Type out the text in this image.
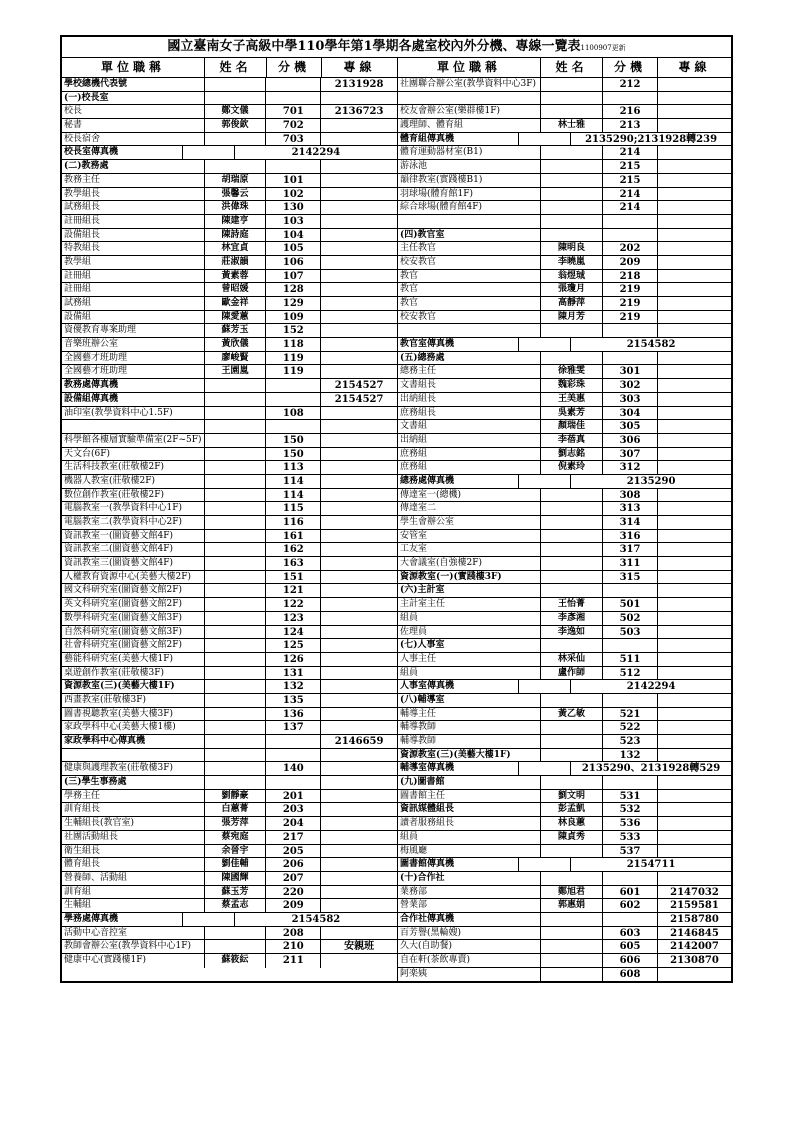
國立臺南女子高級中學110學年第1學期各處室校內外分機、專線一覽表1100907更新
單位職稱	姓名	分機	專線	單位職稱	姓名	分機	專線
學校總機代表號	2131928
(一)校長室
校長	鄭文儀	701	2136723
秘書	郭俊欽	702
校長宿舍	703
校長室傳真機	2142294
(二)教務處
教務主任	胡瑞原	101
教學組長	張馨云	102
試務組長	洪偉珠	130
註冊組長	陳建亨	103
設備組長	陳詩庭	104
特教組長	林宜貞	105
教學組	莊淑韻	106
註冊組	黃素蓉	107
註冊組	曾昭媛	128
試務組	歐金祥	129
設備組	陳愛蕙	109
資優教育專案助理	蘇芳玉	152
音樂班辦公室	黃欣儀	118
全國藝才班助理	廖峻賢	119
全國藝才班助理	王園嵐	119
教務處傳真機	2154527
設備組傳真機	2154527
油印室(教學資料中心1.5F)	108
科學館各樓層實驗準備室(2F~5F)	150
天文台(6F)	150
生活科技教室(莊敬樓2F)	113
機器人教室(莊敬樓2F)	114
數位創作教室(莊敬樓2F)	114
電腦教室一(教學資料中心1F)	115
電腦教室二(教學資料中心2F)	116
資訊教室一(圖資藝文館4F)	161
資訊教室二(圖資藝文館4F)	162
資訊教室三(圖資藝文館4F)	163
人權教育資源中心(美藝大樓2F)	151
國文科研究室(圖資藝文館2F)	121
英文科研究室(圖資藝文館2F)	122
數學科研究室(圖資藝文館3F)	123
自然科研究室(圖資藝文館3F)	124
社會科研究室(圖資藝文館2F)	125
藝能科研究室(美藝大樓1F)	126
桌遊創作教室(莊敬樓3F)	131
資源教室(三)(美藝大樓1F)	132
西畫教室(莊敬樓3F)	135
圖書視聽教室(美藝大樓3F)	136
家政學科中心(美藝大樓1樓)	137
家政學科中心傳真機	2146659
健康與護理教室(莊敬樓3F)	140
(三)學生事務處
學務主任	劉靜豪	201
訓育組長	白蕙菁	203
生輔組長(教官室)	張芳萍	204
社團活動組長	蔡宛庭	217
衛生組長	余晉宇	205
體育組長	劉佳輔	206
營養師、活動組	陳國輝	207
訓育組	蘇玉芳	220
生輔組	蔡孟志	209
學務處傳真機	2154582
活動中心音控室	208
教師會辦公室(教學資料中心1F)	210	安親班
健康中心(實踐樓1F)	蘇筱紜	211
社團聯合辦公室(教學資料中心3F)	212
校友會辦公室(樂群樓1F)	216
護理師、體育組	林士雅	213
體育組傳真機	2135290;2131928轉239
體育運動器材室(B1)	214
游泳池	215
韻律教室(實踐樓B1)	215
羽球場(體育館1F)	214
綜合球場(體育館4F)	214
(四)教官室
主任教官	陳明良	202
校安教官	李曉嵐	209
教官	翁煜珹	218
教官	張瓊月	219
教官	高靜萍	219
校安教官	陳月芳	219
教官室傳真機	2154582
(五)總務處
總務主任	徐雅雯	301
文書組長	魏彩珠	302
出納組長	王美惠	303
庶務組長	吳素芳	304
文書組	顏瑞佳	305
出納組	李蓓真	306
庶務組	劉志銘	307
庶務組	倪素玲	312
總務處傳真機	2135290
傳達室一(總機)	308
傳達室二	313
學生會辦公室	314
安管室	316
工友室	317
大會議室(自強樓2F)	311
資源教室(一)(實踐樓3F)	315
(六)主計室
主計室主任	王怡菁	501
組員	李彥湘	502
佐理員	李逸如	503
(七)人事室
人事主任	林采仙	511
組員	盧作師	512
人事室傳真機	2142294
(八)輔導室
輔導主任	黃乙敏	521
輔導教師	522
輔導教師	523
資源教室(三)(美藝大樓1F)	132
輔導室傳真機	2135290、2131928轉529
(九)圖書館
圖書館主任	劉文明	531
資訊媒體組長	彭孟凱	532
讀者服務組長	林良蕙	536
組員	陳貞秀	533
梅風廳	537
圖書館傳真機	2154711
(十)合作社
業務部	鄭旭君	601	2147032
營業部	郭惠娟	602	2159581
合作社傳真機	2158780
百芳譽(黑輪嫂)	603	2146845
久大(自助餐)	605	2142007
自在軒(茶飲專賣)	606	2130870
阿楽姨	608
